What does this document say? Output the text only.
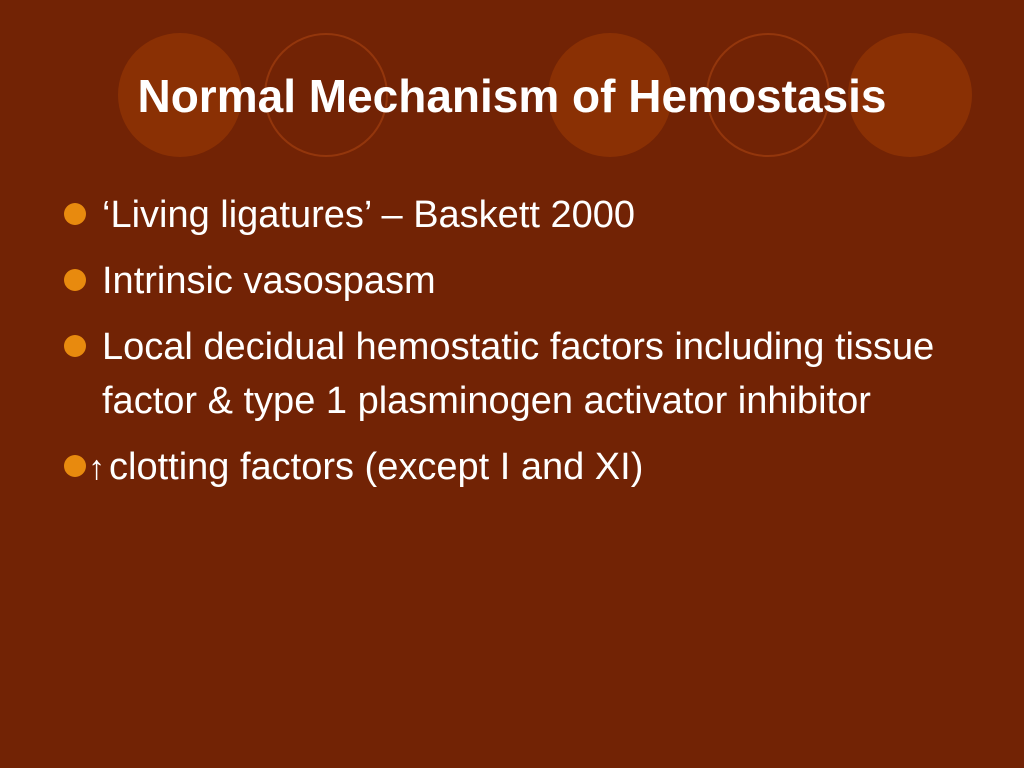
Normal Mechanism of Hemostasis
‘Living ligatures’ – Baskett 2000
Intrinsic vasospasm
Local decidual hemostatic factors including tissue factor & type 1 plasminogen activator inhibitor
↑ clotting factors (except I and XI)
